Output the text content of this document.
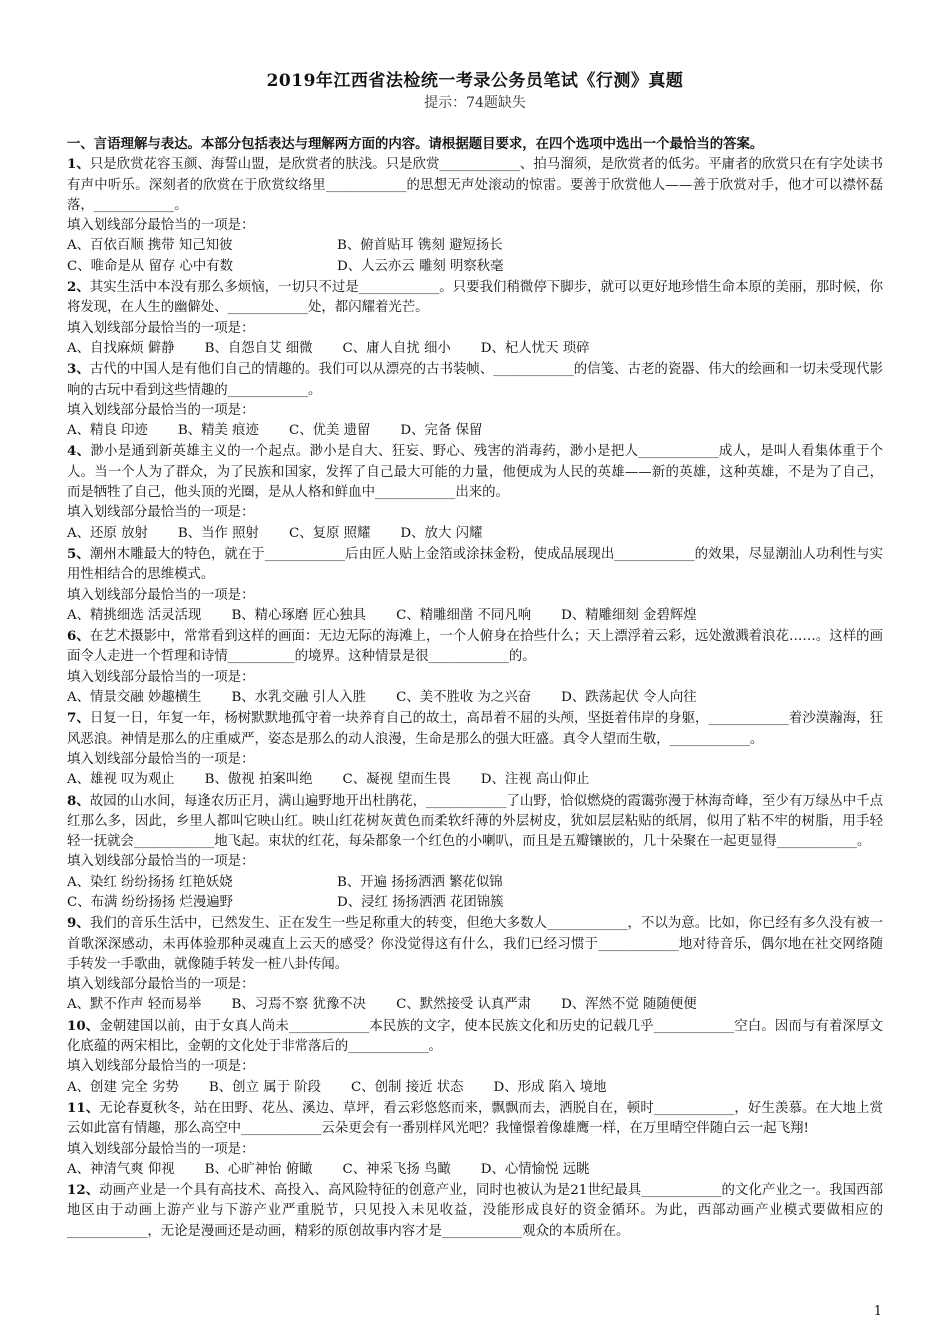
2019年江西省法检统一考录公务员笔试《行测》真题
提示：74题缺失

一、言语理解与表达。本部分包括表达与理解两方面的内容。请根据题目要求，在四个选项中选出一个最恰当的答案。

1、只是欣赏花容玉颜、海誓山盟，是欣赏者的肤浅。只是欣赏____________、拍马溜须，是欣赏者的低劣。平庸者的欣赏只在有字处读书有声中听乐。深刻者的欣赏在于欣赏纹络里____________的思想无声处滚动的惊雷。要善于欣赏他人——善于欣赏对手，他才可以襟怀磊落，____________。

填入划线部分最恰当的一项是：

A、百依百顺 携带 知己知彼	B、俯首贴耳 镌刻 避短扬长
C、唯命是从 留存 心中有数	D、人云亦云 雕刻 明察秋毫

2、其实生活中本没有那么多烦恼，一切只不过是____________。只要我们稍微停下脚步，就可以更好地珍惜生命本原的美丽，那时候，你将发现，在人生的幽僻处、____________处，都闪耀着光芒。

填入划线部分最恰当的一项是：

A、自找麻烦 僻静 B、自怨自艾 细微 C、庸人自扰 细小 D、杞人忧天 琐碎

3、古代的中国人是有他们自己的情趣的。我们可以从漂亮的古书装帧、____________的信笺、古老的瓷器、伟大的绘画和一切未受现代影响的古玩中看到这些情趣的____________。

填入划线部分最恰当的一项是：

A、精良 印迹 B、精美 痕迹 C、优美 遗留 D、完备 保留

4、渺小是通到新英雄主义的一个起点。渺小是自大、狂妄、野心、残害的消毒药，渺小是把人____________成人，是叫人看集体重于个人。当一个人为了群众，为了民族和国家，发挥了自己最大可能的力量，他便成为人民的英雄——新的英雄，这种英雄，不是为了自己，而是牺牲了自己，他头顶的光圈，是从人格和鲜血中____________出来的。

填入划线部分最恰当的一项是：

A、还原 放射 B、当作 照射 C、复原 照耀 D、放大 闪耀

5、潮州木雕最大的特色，就在于____________后由匠人贴上金箔或涂抹金粉，使成品展现出____________的效果，尽显潮汕人功利性与实用性相结合的思维模式。

填入划线部分最恰当的一项是：

A、精挑细选 活灵活现 B、精心琢磨 匠心独具 C、精雕细凿 不同凡响 D、精雕细刻 金碧辉煌

6、在艺术摄影中，常常看到这样的画面：无边无际的海滩上，一个人俯身在拾些什么；天上漂浮着云彩，远处激溅着浪花……。这样的画面令人走进一个哲理和诗情__________的境界。这种情景是很____________的。

填入划线部分最恰当的一项是：

A、情景交融 妙趣横生 B、水乳交融 引人入胜 C、美不胜收 为之兴奋 D、跌荡起伏 令人向往

7、日复一日，年复一年，杨树默默地孤守着一块养育自己的故土，高昂着不屈的头颅，坚挺着伟岸的身躯，____________着沙漠瀚海，狂风恶浪。神情是那么的庄重威严，姿态是那么的动人浪漫，生命是那么的强大旺盛。真令人望而生敬，____________。

填入划线部分最恰当的一项是：

A、雄视 叹为观止 B、傲视 拍案叫绝 C、凝视 望而生畏 D、注视 高山仰止

8、故园的山水间，每逢农历正月，满山遍野地开出杜鹃花，____________了山野，恰似燃烧的霞霭弥漫于林海奇峰，至少有万绿丛中千点红那么多，因此，乡里人都叫它映山红。映山红花树灰黄色而柔软纤薄的外层树皮，犹如层层粘贴的纸屑，似用了粘不牢的树脂，用手轻轻一抚就会____________地飞起。束状的红花，每朵都象一个红色的小喇叭，而且是五瓣镶嵌的，几十朵聚在一起更显得____________。

填入划线部分最恰当的一项是：

A、染红 纷纷扬扬 红艳妖娆	B、开遍 扬扬洒洒 繁花似锦
C、布满 纷纷扬扬 烂漫遍野	D、浸红 扬扬洒洒 花团锦簇

9、我们的音乐生活中，已然发生、正在发生一些足称重大的转变，但绝大多数人____________，不以为意。比如，你已经有多久没有被一首歌深深感动，未再体验那种灵魂直上云天的感受？你没觉得这有什么，我们已经习惯于____________地对待音乐，偶尔地在社交网络随手转发一手歌曲，就像随手转发一桩八卦传闻。

填入划线部分最恰当的一项是：

A、默不作声 轻而易举 B、习焉不察 犹豫不决 C、默然接受 认真严肃 D、浑然不觉 随随便便

10、金朝建国以前，由于女真人尚未____________本民族的文字，使本民族文化和历史的记载几乎____________空白。因而与有着深厚文化底蕴的两宋相比，金朝的文化处于非常落后的____________。

填入划线部分最恰当的一项是：

A、创建 完全 劣势 B、创立 属于 阶段 C、创制 接近 状态 D、形成 陷入 境地

11、无论春夏秋冬，站在田野、花丛、溪边、草坪，看云彩悠悠而来，飘飘而去，洒脱自在，顿时____________，好生羡慕。在大地上赏云如此富有情趣，那么高空中____________云朵更会有一番别样风光吧？我憧憬着像雄鹰一样，在万里晴空伴随白云一起飞翔!

填入划线部分最恰当的一项是：

A、神清气爽 仰视 B、心旷神怡 俯瞰 C、神采飞扬 鸟瞰 D、心情愉悦 远眺

12、动画产业是一个具有高技术、高投入、高风险特征的创意产业，同时也被认为是21世纪最具____________的文化产业之一。我国西部地区由于动画上游产业与下游产业严重脱节，只见投入未见收益，没能形成良好的资金循环。为此，西部动画产业模式要做相应的____________，无论是漫画还是动画，精彩的原创故事内容才是____________观众的本质所在。

1
